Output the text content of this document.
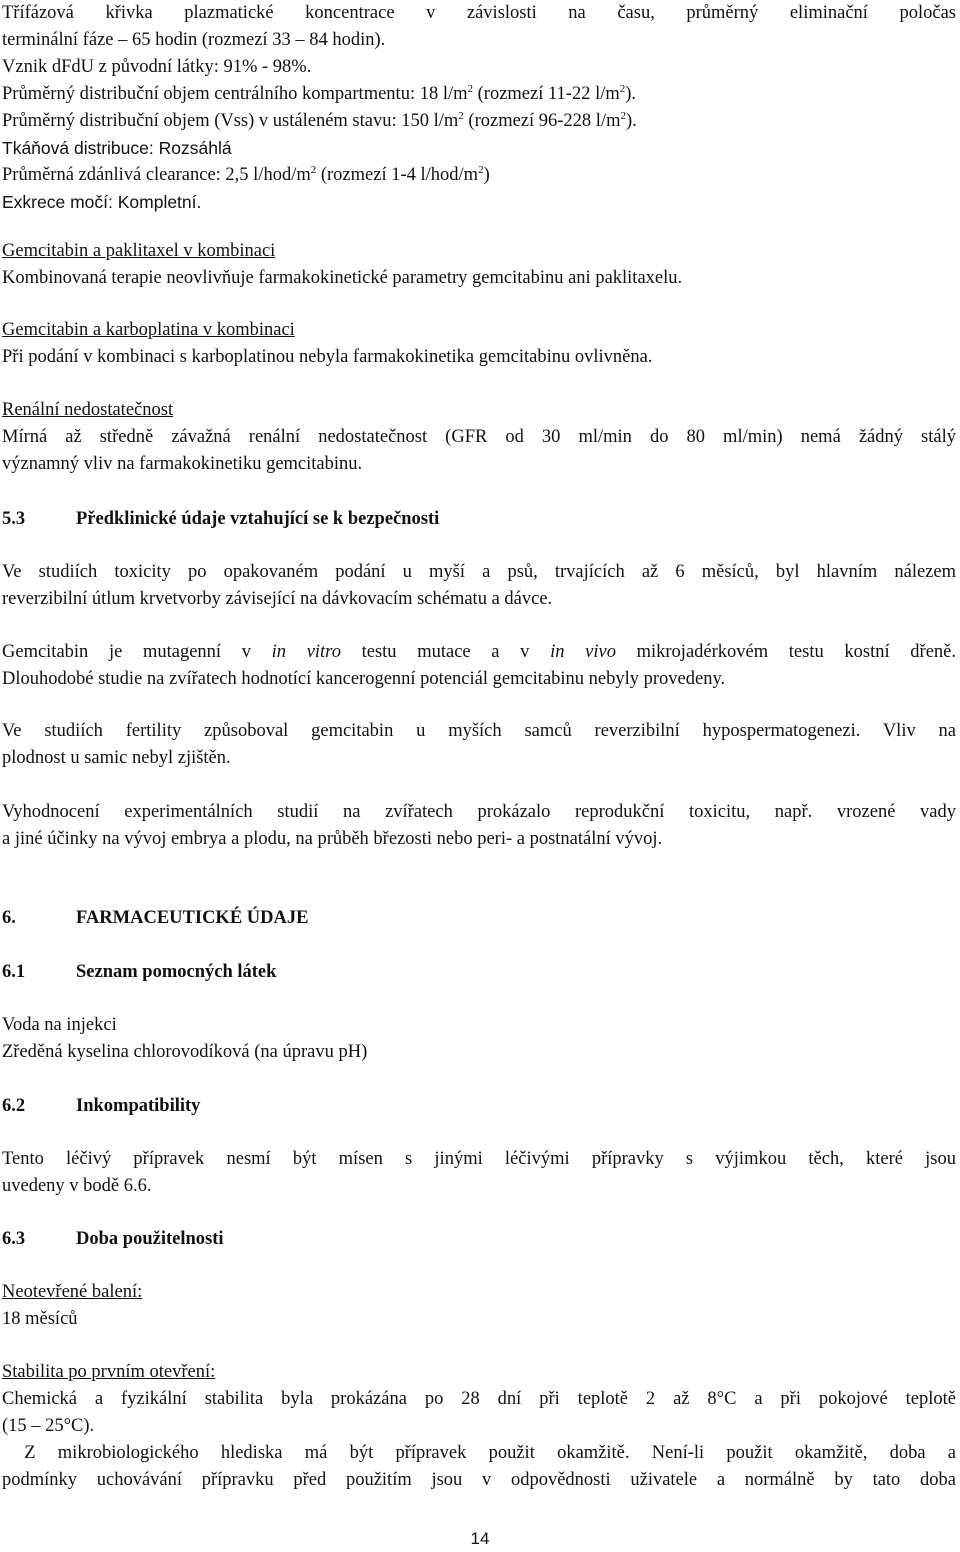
Třífázová křivka plazmatické koncentrace v závislosti na času, průměrný eliminační poločas

terminální fáze – 65 hodin (rozmezí 33 – 84 hodin).

Vznik dFdU z původní látky: 91% - 98%.

Průměrný distribuční objem centrálního kompartmentu: 18 $l/m^2$ (rozmezí 11-22 $l/m^2$).

Průměrný distribuční objem (Vss) v ustáleném stavu: 150 $l/m^2$ (rozmezí 96-228 $l/m^2$).

Tkáňová distribuce: Rozsáhlá

Průměrná zdánlivá clearance: 2,5 $l/hod/m^2$ (rozmezí 1-4 $l/hod/m^2$)

Exkrece močí: Kompletní.

Gemcitabin a paklitaxel v kombinaci

Kombinovaná terapie neovlivňuje farmakokinetické parametry gemcitabinu ani paklitaxelu.

Gemcitabin a karboplatina v kombinaci

Při podání v kombinaci s karboplatinou nebyla farmakokinetika gemcitabinu ovlivněna.

Renální nedostatečnost

Mírná až středně závažná renální nedostatečnost (GFR od 30 ml/min do 80 ml/min) nemá žádný stálý

významný vliv na farmakokinetiku gemcitabinu.

5.3	Předklinické údaje vztahující se k bezpečnosti

Ve studiích toxicity po opakovaném podání u myší a psů, trvajících až 6 měsíců, byl hlavním nálezem

reverzibilní útlum krvetvorby závisející na dávkovacím schématu a dávce.

Gemcitabin je mutagenní v in vitro testu mutace a v in vivo mikrojadérkovém testu kostní dřeně.

Dlouhodobé studie na zvířatech hodnotící kancerogenní potenciál gemcitabinu nebyly provedeny.

Ve studiích fertility způsoboval gemcitabin u myších samců reverzibilní hypospermatogenezi. Vliv na

plodnost u samic nebyl zjištěn.

Vyhodnocení experimentálních studií na zvířatech prokázalo reprodukční toxicitu, např. vrozené vady

a jiné účinky na vývoj embrya a plodu, na průběh březosti nebo peri- a postnatální vývoj.

6.	FARMACEUTICKÉ ÚDAJE
6.1	Seznam pomocných látek

Voda na injekci

Zředěná kyselina chlorovodíková (na úpravu pH)

6.2	Inkompatibility

Tento léčivý přípravek nesmí být mísen s jinými léčivými přípravky s výjimkou těch, které jsou

uvedeny v bodě 6.6.

6.3	Doba použitelnosti

Neotevřené balení:

18 měsíců

Stabilita po prvním otevření:

Chemická a fyzikální stabilita byla prokázána po 28 dní při teplotě 2 až 8°C a při pokojové teplotě

(15 – 25°C).

Z mikrobiologického hlediska má být přípravek použit okamžitě. Není-li použit okamžitě, doba a

podmínky uchovávání přípravku před použitím jsou v odpovědnosti uživatele a normálně by tato doba

14
